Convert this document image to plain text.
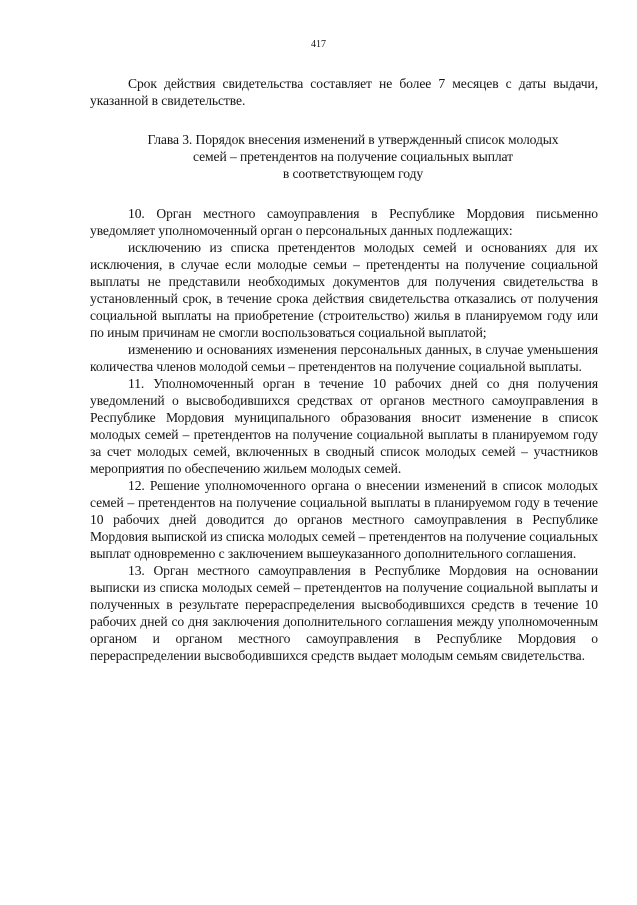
417

Срок действия свидетельства составляет не более 7 месяцев с даты выдачи, указанной в свидетельстве.

Глава 3. Порядок внесения изменений в утвержденный список молодых
семей – претендентов на получение социальных выплат
в соответствующем году

10. Орган местного самоуправления в Республике Мордовия письменно уведомляет уполномоченный орган о персональных данных подлежащих:

исключению из списка претендентов молодых семей и основаниях для их исключения, в случае если молодые семьи – претенденты на получение социальной выплаты не представили необходимых документов для получения свидетельства в установленный срок, в течение срока действия свидетельства отказались от получения социальной выплаты на приобретение (строительство) жилья в планируемом году или по иным причинам не смогли воспользоваться социальной выплатой;

изменению и основаниях изменения персональных данных, в случае уменьшения количества членов молодой семьи – претендентов на получение социальной выплаты.

11. Уполномоченный орган в течение 10 рабочих дней со дня получения уведомлений о высвободившихся средствах от органов местного самоуправления в Республике Мордовия муниципального образования вносит изменение в список молодых семей – претендентов на получение социальной выплаты в планируемом году за счет молодых семей, включенных в сводный список молодых семей – участников мероприятия по обеспечению жильем молодых семей.

12. Решение уполномоченного органа о внесении изменений в список молодых семей – претендентов на получение социальной выплаты в планируемом году в течение 10 рабочих дней доводится до органов местного самоуправления в Республике Мордовия выпиской из списка молодых семей – претендентов на получение социальных выплат одновременно с заключением вышеуказанного дополнительного соглашения.

13. Орган местного самоуправления в Республике Мордовия на основании выписки из списка молодых семей – претендентов на получение социальной выплаты и полученных в результате перераспределения высвободившихся средств в течение 10 рабочих дней со дня заключения дополнительного соглашения между уполномоченным органом и органом местного самоуправления в Республике Мордовия о перераспределении высвободившихся средств выдает молодым семьям свидетельства.
